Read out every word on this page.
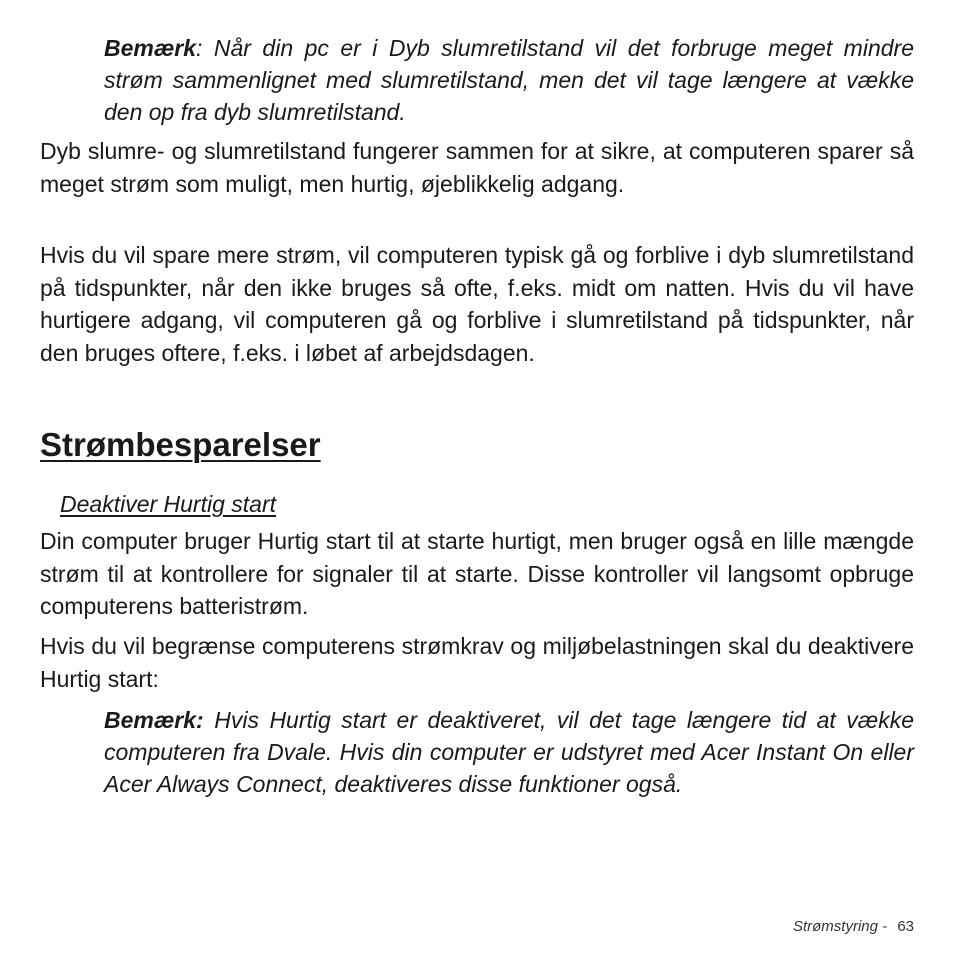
Bemærk: Når din pc er i Dyb slumretilstand vil det forbruge meget mindre strøm sammenlignet med slumretilstand, men det vil tage længere at vække den op fra dyb slumretilstand.

Dyb slumre- og slumretilstand fungerer sammen for at sikre, at computeren sparer så meget strøm som muligt, men hurtig, øjeblikkelig adgang.

Hvis du vil spare mere strøm, vil computeren typisk gå og forblive i dyb slumretilstand på tidspunkter, når den ikke bruges så ofte, f.eks. midt om natten. Hvis du vil have hurtigere adgang, vil computeren gå og forblive i slumretilstand på tidspunkter, når den bruges oftere, f.eks. i løbet af arbejdsdagen.

Strømbesparelser
Deaktiver Hurtig start

Din computer bruger Hurtig start til at starte hurtigt, men bruger også en lille mængde strøm til at kontrollere for signaler til at starte. Disse kontroller vil langsomt opbruge computerens batteristrøm.

Hvis du vil begrænse computerens strømkrav og miljøbelastningen skal du deaktivere Hurtig start:

Bemærk: Hvis Hurtig start er deaktiveret, vil det tage længere tid at vække computeren fra Dvale. Hvis din computer er udstyret med Acer Instant On eller Acer Always Connect, deaktiveres disse funktioner også.
Strømstyring - 63
